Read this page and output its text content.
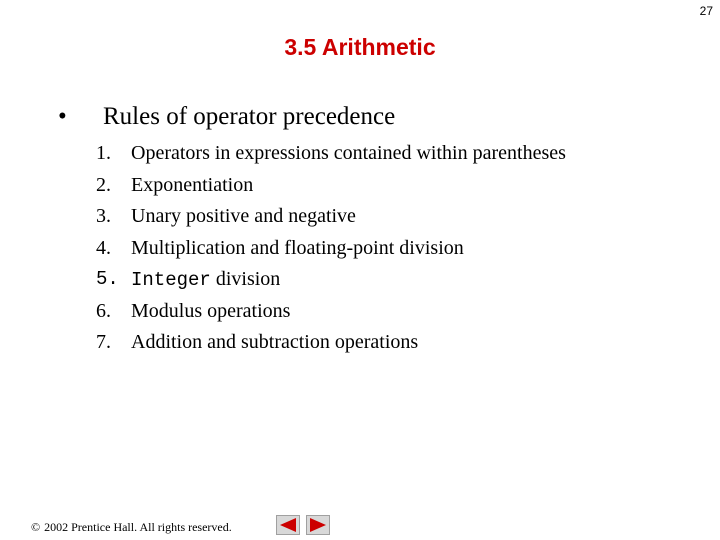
27
3.5 Arithmetic
• Rules of operator precedence
1. Operators in expressions contained within parentheses
2. Exponentiation
3. Unary positive and negative
4. Multiplication and floating-point division
5. Integer division
6. Modulus operations
7. Addition and subtraction operations
© 2002 Prentice Hall. All rights reserved.
